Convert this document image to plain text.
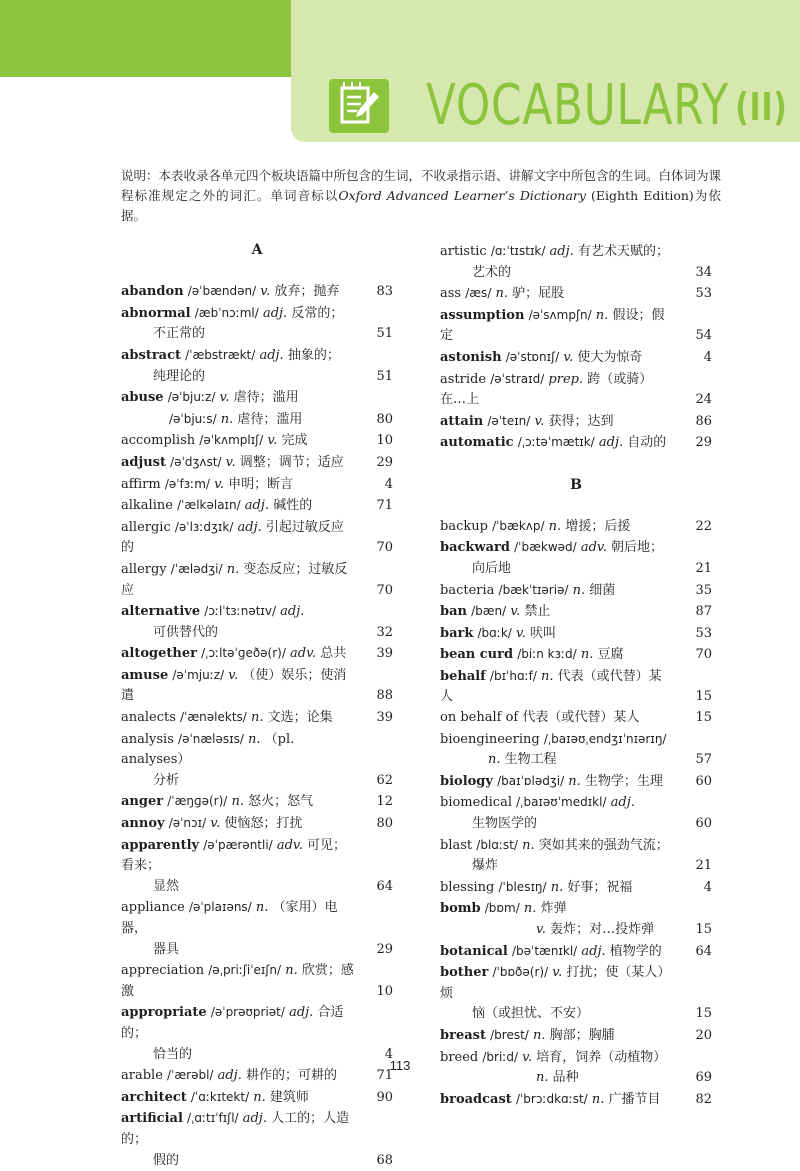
VOCABULARY (II)
说明：本表收录各单元四个板块语篇中所包含的生词，不收录指示语、讲解文字中所包含的生词。白体词为课程标准规定之外的词汇。单词音标以Oxford Advanced Learner’s Dictionary (Eighth Edition)为依据。
A
abandon /əˈbændən/ v. 放弃；抛弃	83
abnormal /æbˈnɔːml/ adj. 反常的；
不正常的	51
abstract /ˈæbstrækt/ adj. 抽象的；
纯理论的	51
abuse /əˈbjuːz/ v. 虐待；滥用
/əˈbjuːs/ n. 虐待；滥用	80
accomplish /əˈkʌmplɪʃ/ v. 完成	10
adjust /əˈdʒʌst/ v. 调整；调节；适应	29
affirm /əˈfɜːm/ v. 申明；断言	4
alkaline /ˈælkəlaɪn/ adj. 碱性的	71
allergic /əˈlɜːdʒɪk/ adj. 引起过敏反应的	70
allergy /ˈælədʒi/ n. 变态反应；过敏反应	70
alternative /ɔːlˈtɜːnətɪv/ adj.
可供替代的	32
altogether /ˌɔːltəˈɡeðə(r)/ adv. 总共	39
amuse /əˈmjuːz/ v. （使）娱乐；使消遣	88
analects /ˈænəlekts/ n. 文选；论集	39
analysis /əˈnæləsɪs/ n. （pl. analyses）
分析	62
anger /ˈæŋɡə(r)/ n. 怒火；怒气	12
annoy /əˈnɔɪ/ v. 使恼怒；打扰	80
apparently /əˈpærəntli/ adv. 可见；看来；
显然	64
appliance /əˈplaɪəns/ n. （家用）电器，
器具	29
appreciation /əˌpriːʃiˈeɪʃn/ n. 欣赏；感激	10
appropriate /əˈprəʊpriət/ adj. 合适的；
恰当的	4
arable /ˈærəbl/ adj. 耕作的；可耕的	71
architect /ˈɑːkɪtekt/ n. 建筑师	90
artificial /ˌɑːtɪˈfɪʃl/ adj. 人工的；人造的；
假的	68
artistic /ɑːˈtɪstɪk/ adj. 有艺术天赋的；
艺术的	34
ass /æs/ n. 驴；屁股	53
assumption /əˈsʌmpʃn/ n. 假设；假定	54
astonish /əˈstɒnɪʃ/ v. 使大为惊奇	4
astride /əˈstraɪd/ prep. 跨（或骑）在…上	24
attain /əˈteɪn/ v. 获得；达到	86
automatic /ˌɔːtəˈmætɪk/ adj. 自动的	29
B
backup /ˈbækʌp/ n. 增援；后援	22
backward /ˈbækwəd/ adv. 朝后地；
向后地	21
bacteria /bækˈtɪəriə/ n. 细菌	35
ban /bæn/ v. 禁止	87
bark /bɑːk/ v. 吠叫	53
bean curd /biːn kɜːd/ n. 豆腐	70
behalf /bɪˈhɑːf/ n. 代表（或代替）某人	15
on behalf of 代表（或代替）某人	15
bioengineering /ˌbaɪəʊˌendʒɪˈnɪərɪŋ/
n. 生物工程	57
biology /baɪˈɒlədʒi/ n. 生物学；生理	60
biomedical /ˌbaɪəʊˈmedɪkl/ adj.
生物医学的	60
blast /blɑːst/ n. 突如其来的强劲气流；
爆炸	21
blessing /ˈblesɪŋ/ n. 好事；祝福	4
bomb /bɒm/ n. 炸弹
v. 轰炸；对…投炸弹	15
botanical /bəˈtænɪkl/ adj. 植物学的	64
bother /ˈbɒðə(r)/ v. 打扰；使（某人）烦
恼（或担忧、不安）	15
breast /brest/ n. 胸部；胸脯	20
breed /briːd/ v. 培育，饲养（动植物）
n. 品种	69
broadcast /ˈbrɔːdkɑːst/ n. 广播节目	82
113
